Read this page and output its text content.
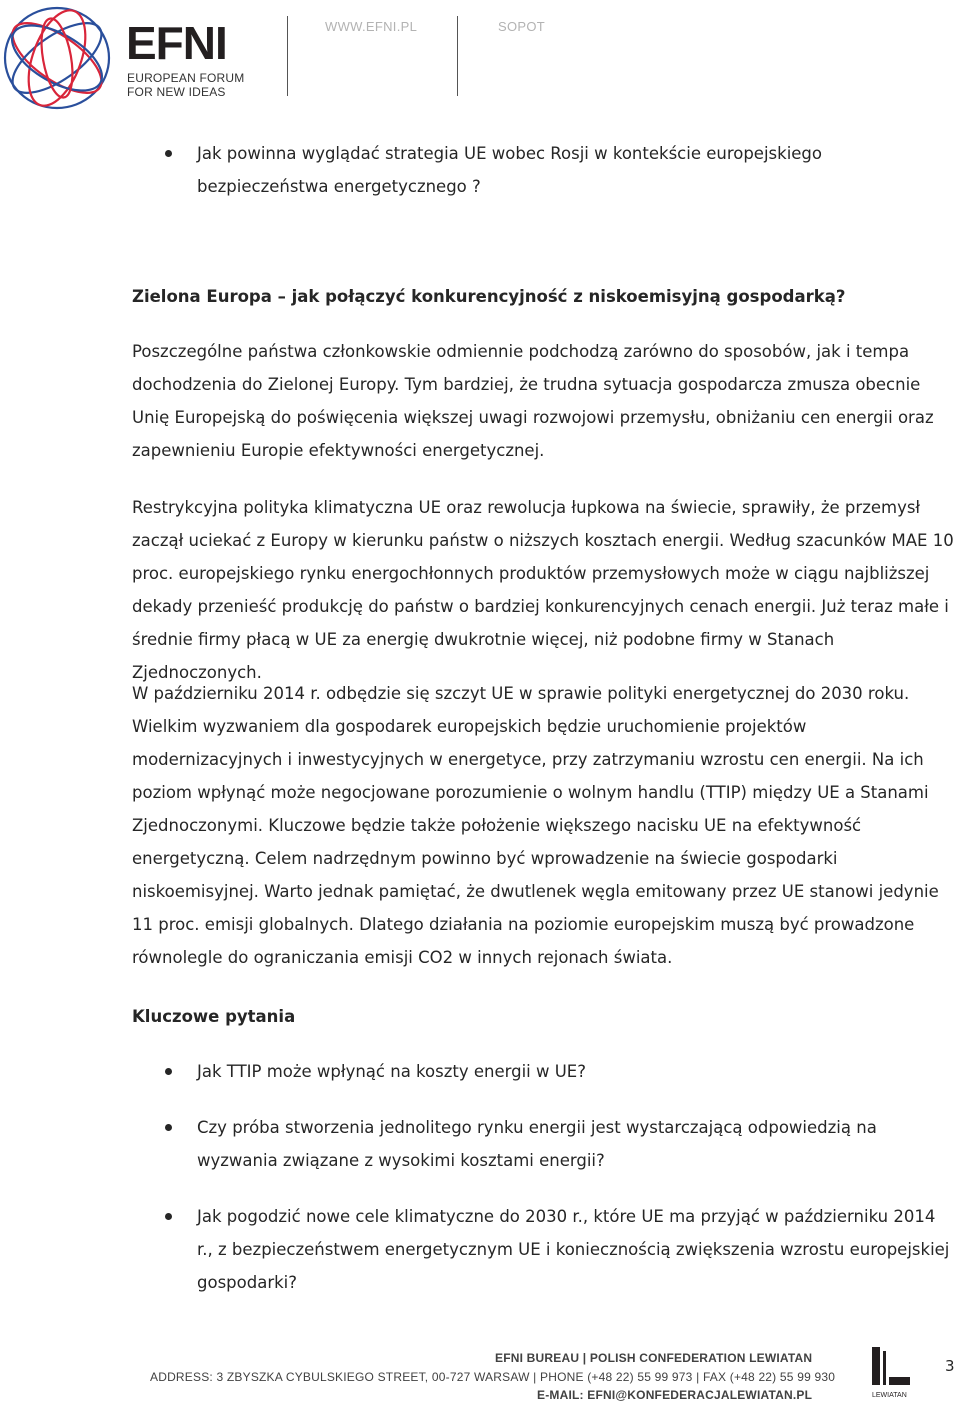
EFNI
EUROPEAN FORUM
FOR NEW IDEAS
WWW.EFNI.PL	SOPOT

Jak powinna wyglądać strategia UE wobec Rosji w kontekście europejskiego bezpieczeństwa energetycznego ?

Zielona Europa – jak połączyć konkurencyjność z niskoemisyjną gospodarką?

Poszczególne państwa członkowskie odmiennie podchodzą zarówno do sposobów, jak i tempa dochodzenia do Zielonej Europy. Tym bardziej, że trudna sytuacja gospodarcza zmusza obecnie Unię Europejską do poświęcenia większej uwagi rozwojowi przemysłu, obniżaniu cen energii oraz zapewnieniu Europie efektywności energetycznej.

Restrykcyjna polityka klimatyczna UE oraz rewolucja łupkowa na świecie, sprawiły, że przemysł zaczął uciekać z Europy w kierunku państw o niższych kosztach energii. Według szacunków MAE 10 proc. europejskiego rynku energochłonnych produktów przemysłowych może w ciągu najbliższej dekady przenieść produkcję do państw o bardziej konkurencyjnych cenach energii. Już teraz małe i średnie firmy płacą w UE za energię dwukrotnie więcej, niż podobne firmy w Stanach Zjednoczonych.

W październiku 2014 r. odbędzie się szczyt UE w sprawie polityki energetycznej do 2030 roku. Wielkim wyzwaniem dla gospodarek europejskich będzie uruchomienie projektów modernizacyjnych i inwestycyjnych w energetyce, przy zatrzymaniu wzrostu cen energii. Na ich poziom wpłynąć może negocjowane porozumienie o wolnym handlu (TTIP) między UE a Stanami Zjednoczonymi. Kluczowe będzie także położenie większego nacisku UE na efektywność energetyczną. Celem nadrzędnym powinno być wprowadzenie na świecie gospodarki niskoemisyjnej. Warto jednak pamiętać, że dwutlenek węgla emitowany przez UE stanowi jedynie 11 proc. emisji globalnych. Dlatego działania na poziomie europejskim muszą być prowadzone równolegle do ograniczania emisji CO2 w innych rejonach świata.

Kluczowe pytania

Jak TTIP może wpłynąć na koszty energii w UE?

Czy próba stworzenia jednolitego rynku energii jest wystarczającą odpowiedzią na wyzwania związane z wysokimi kosztami energii?

Jak pogodzić nowe cele klimatyczne do 2030 r., które UE ma przyjąć w październiku 2014 r., z bezpieczeństwem energetycznym UE i koniecznością zwiększenia wzrostu europejskiej gospodarki?

EFNI BUREAU | POLISH CONFEDERATION LEWIATAN
ADDRESS: 3 ZBYSZKA CYBULSKIEGO STREET, 00-727 WARSAW | PHONE (+48 22) 55 99 973 | FAX (+48 22) 55 99 930
E-MAIL: EFNI@KONFEDERACJALEWIATAN.PL	LEWIATAN
3
